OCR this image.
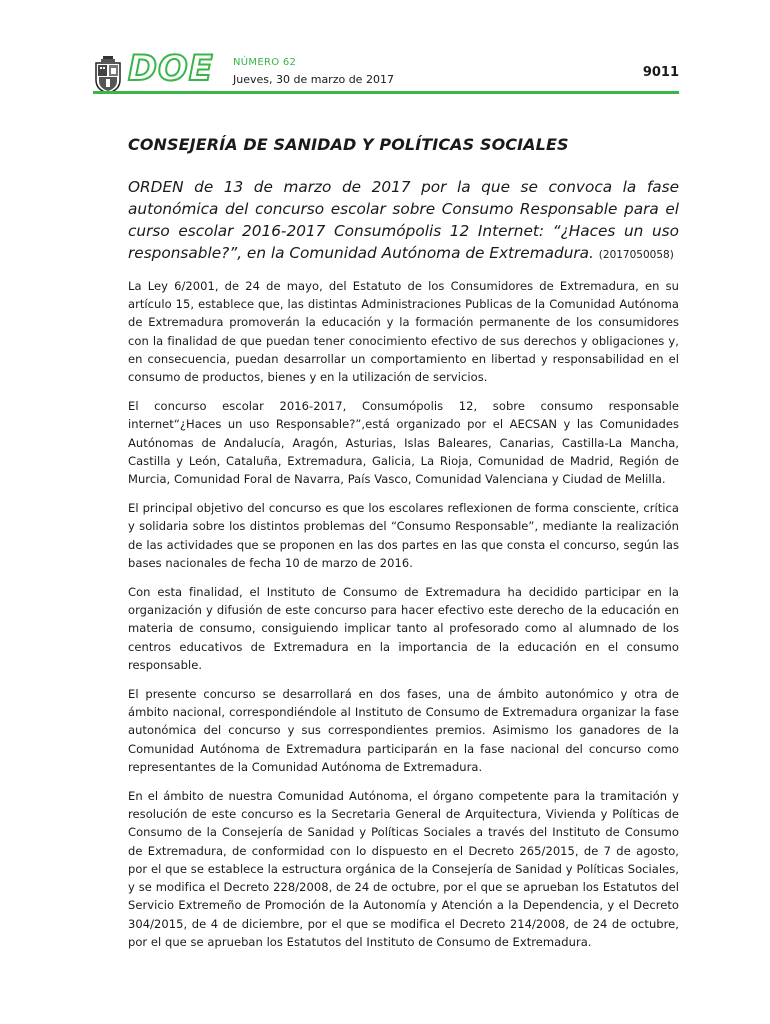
DOE NÚMERO 62
Jueves, 30 de marzo de 2017	9011
CONSEJERÍA DE SANIDAD Y POLÍTICAS SOCIALES
ORDEN de 13 de marzo de 2017 por la que se convoca la fase autonómica del concurso escolar sobre Consumo Responsable para el curso escolar 2016-2017 Consumópolis 12 Internet: “¿Haces un uso responsable?”, en la Comunidad Autónoma de Extremadura. (2017050058)

La Ley 6/2001, de 24 de mayo, del Estatuto de los Consumidores de Extremadura, en su artículo 15, establece que, las distintas Administraciones Publicas de la Comunidad Autónoma de Extremadura promoverán la educación y la formación permanente de los consumidores con la finalidad de que puedan tener conocimiento efectivo de sus derechos y obligaciones y, en consecuencia, puedan desarrollar un comportamiento en libertad y responsabilidad en el consumo de productos, bienes y en la utilización de servicios.

El concurso escolar 2016-2017, Consumópolis 12, sobre consumo responsable internet“¿Haces un uso Responsable?”,está organizado por el AECSAN y las Comunidades Autónomas de Andalucía, Aragón, Asturias, Islas Baleares, Canarias, Castilla-La Mancha, Castilla y León, Cataluña, Extremadura, Galicia, La Rioja, Comunidad de Madrid, Región de Murcia, Comunidad Foral de Navarra, País Vasco, Comunidad Valenciana y Ciudad de Melilla.

El principal objetivo del concurso es que los escolares reflexionen de forma consciente, crítica y solidaria sobre los distintos problemas del “Consumo Responsable”, mediante la realización de las actividades que se proponen en las dos partes en las que consta el concurso, según las bases nacionales de fecha 10 de marzo de 2016.

Con esta finalidad, el Instituto de Consumo de Extremadura ha decidido participar en la organización y difusión de este concurso para hacer efectivo este derecho de la educación en materia de consumo, consiguiendo implicar tanto al profesorado como al alumnado de los centros educativos de Extremadura en la importancia de la educación en el consumo responsable.

El presente concurso se desarrollará en dos fases, una de ámbito autonómico y otra de ámbito nacional, correspondiéndole al Instituto de Consumo de Extremadura organizar la fase autonómica del concurso y sus correspondientes premios. Asimismo los ganadores de la Comunidad Autónoma de Extremadura participarán en la fase nacional del concurso como representantes de la Comunidad Autónoma de Extremadura.

En el ámbito de nuestra Comunidad Autónoma, el órgano competente para la tramitación y resolución de este concurso es la Secretaria General de Arquitectura, Vivienda y Políticas de Consumo de la Consejería de Sanidad y Políticas Sociales a través del Instituto de Consumo de Extremadura, de conformidad con lo dispuesto en el Decreto 265/2015, de 7 de agosto, por el que se establece la estructura orgánica de la Consejería de Sanidad y Políticas Sociales, y se modifica el Decreto 228/2008, de 24 de octubre, por el que se aprueban los Estatutos del Servicio Extremeño de Promoción de la Autonomía y Atención a la Dependencia, y el Decreto 304/2015, de 4 de diciembre, por el que se modifica el Decreto 214/2008, de 24 de octubre, por el que se aprueban los Estatutos del Instituto de Consumo de Extremadura.
